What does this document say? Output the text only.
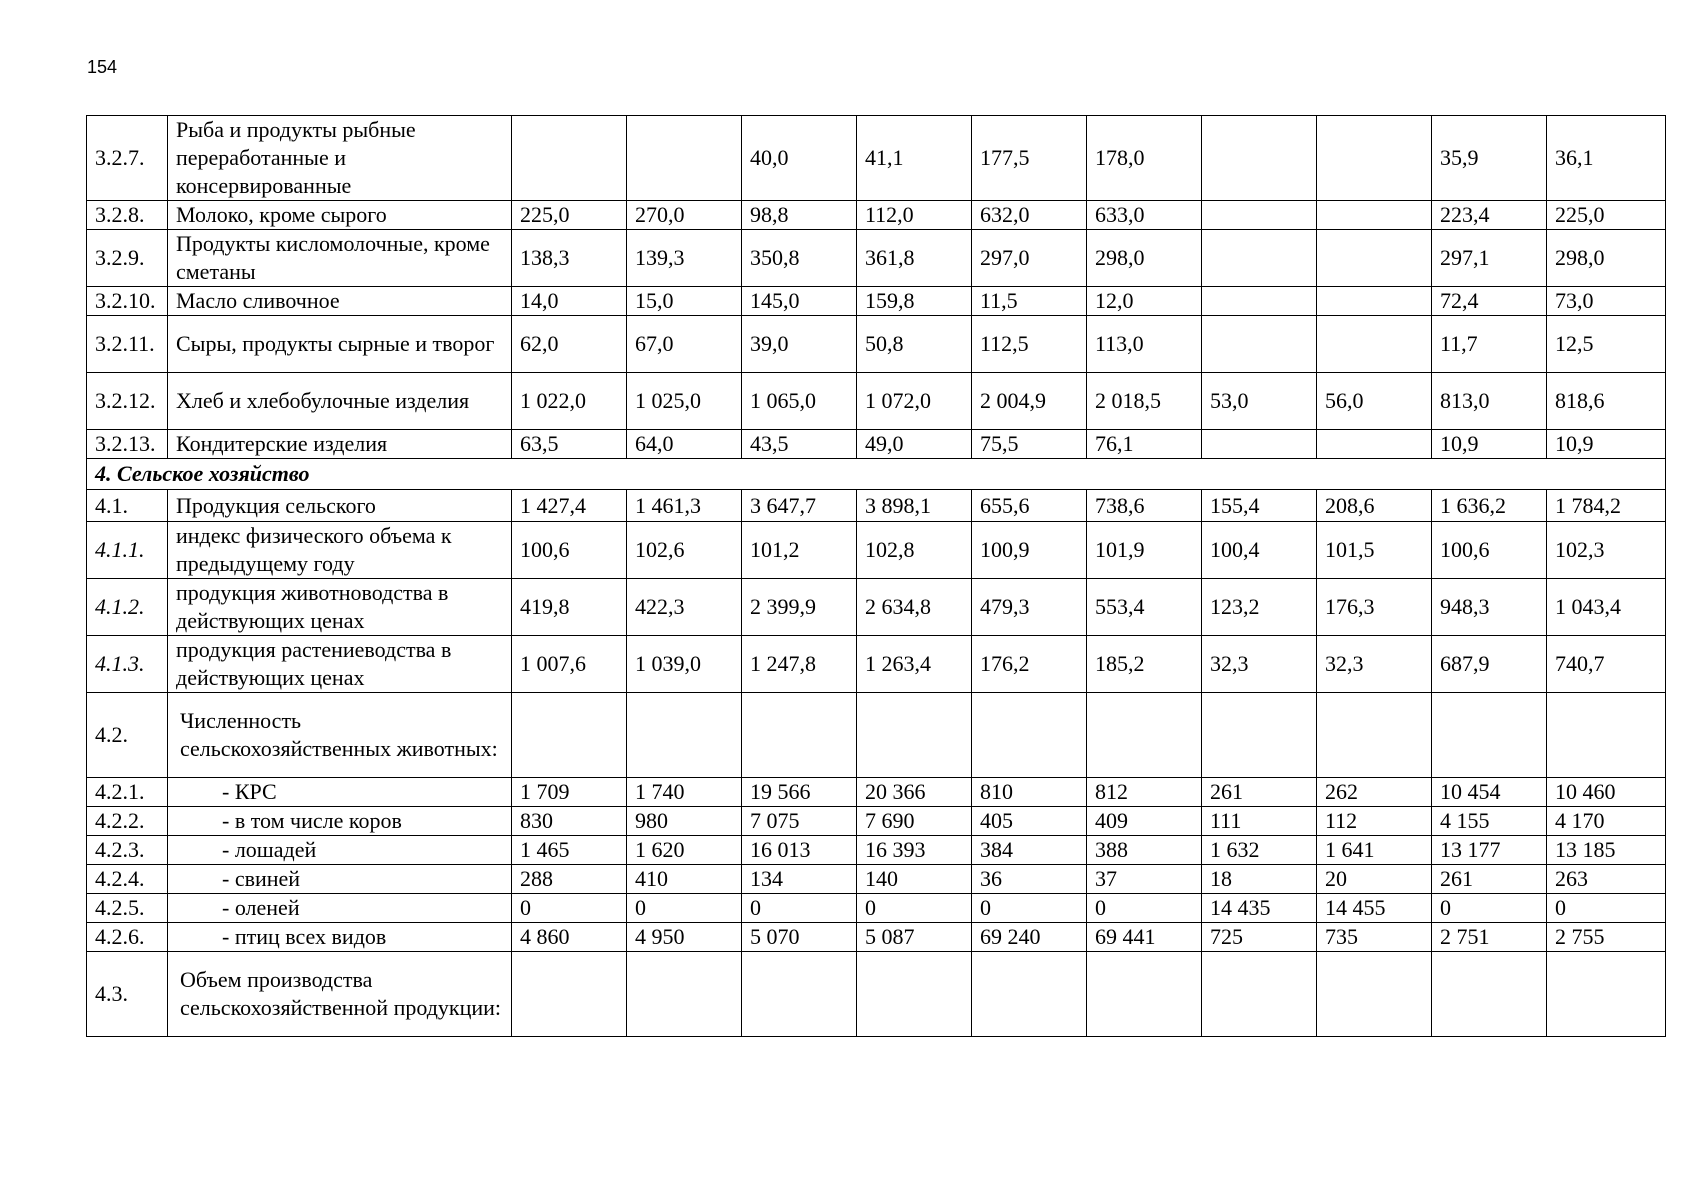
154
3.2.7.	Рыба и продукты рыбные переработанные и консервированные			40,0	41,1	177,5	178,0			35,9	36,1
3.2.8.	Молоко, кроме сырого	225,0	270,0	98,8	112,0	632,0	633,0			223,4	225,0
3.2.9.	Продукты кисломолочные, кроме сметаны	138,3	139,3	350,8	361,8	297,0	298,0			297,1	298,0
3.2.10.	Масло сливочное	14,0	15,0	145,0	159,8	11,5	12,0			72,4	73,0
3.2.11.	Сыры, продукты сырные и творог	62,0	67,0	39,0	50,8	112,5	113,0			11,7	12,5
3.2.12.	Хлеб и хлебобулочные изделия	1 022,0	1 025,0	1 065,0	1 072,0	2 004,9	2 018,5	53,0	56,0	813,0	818,6
3.2.13.	Кондитерские изделия	63,5	64,0	43,5	49,0	75,5	76,1			10,9	10,9
4. Сельское хозяйство											
4.1.	Продукция сельского	1 427,4	1 461,3	3 647,7	3 898,1	655,6	738,6	155,4	208,6	1 636,2	1 784,2
4.1.1.	индекс физического объема к предыдущему году	100,6	102,6	101,2	102,8	100,9	101,9	100,4	101,5	100,6	102,3
4.1.2.	продукция животноводства в действующих ценах	419,8	422,3	2 399,9	2 634,8	479,3	553,4	123,2	176,3	948,3	1 043,4
4.1.3.	продукция растениеводства в действующих ценах	1 007,6	1 039,0	1 247,8	1 263,4	176,2	185,2	32,3	32,3	687,9	740,7
4.2.	Численность сельскохозяйственных животных:										
4.2.1.	- КРС	1 709	1 740	19 566	20 366	810	812	261	262	10 454	10 460
4.2.2.	- в том числе коров	830	980	7 075	7 690	405	409	111	112	4 155	4 170
4.2.3.	- лошадей	1 465	1 620	16 013	16 393	384	388	1 632	1 641	13 177	13 185
4.2.4.	- свиней	288	410	134	140	36	37	18	20	261	263
4.2.5.	- оленей	0	0	0	0	0	0	14 435	14 455	0	0
4.2.6.	- птиц всех видов	4 860	4 950	5 070	5 087	69 240	69 441	725	735	2 751	2 755
4.3.	Объем производства сельскохозяйственной продукции:										
